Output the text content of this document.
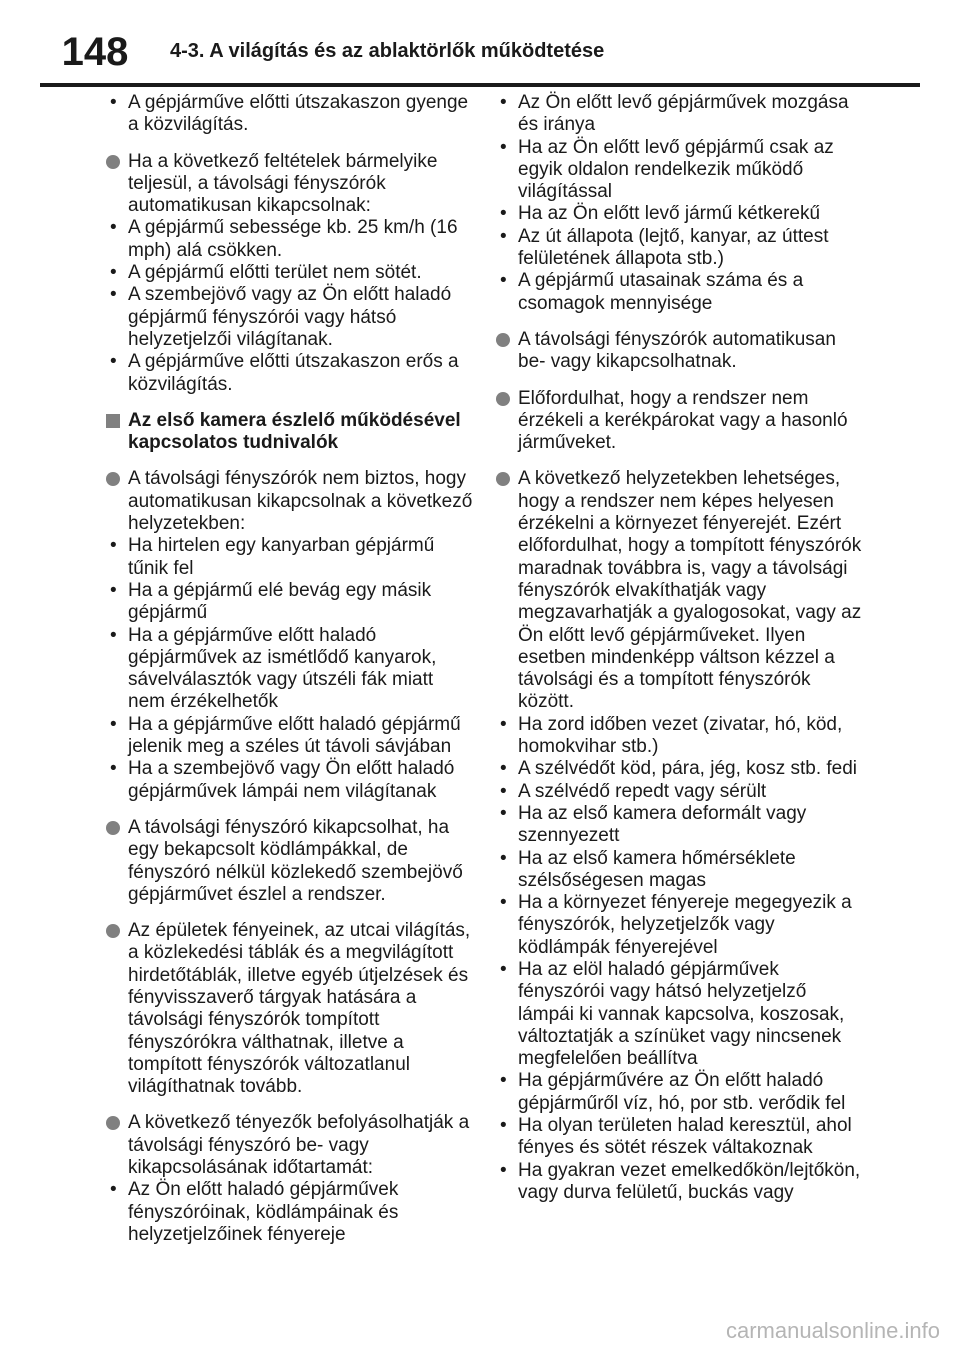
148	4-3. A világítás és az ablaktörlők működtetése
• A gépjárműve előtti útszakaszon gyenge a közvilágítás.
Ha a következő feltételek bármelyike teljesül, a távolsági fényszórók automatikusan kikapcsolnak:
• A gépjármű sebessége kb. 25 km/h (16 mph) alá csökken.
• A gépjármű előtti terület nem sötét.
• A szembejövő vagy az Ön előtt haladó gépjármű fényszórói vagy hátsó helyzetjelzői világítanak.
• A gépjárműve előtti útszakaszon erős a közvilágítás.
Az első kamera észlelő működésével kapcsolatos tudnivalók
A távolsági fényszórók nem biztos, hogy automatikusan kikapcsolnak a következő helyzetekben:
• Ha hirtelen egy kanyarban gépjármű tűnik fel
• Ha a gépjármű elé bevág egy másik gépjármű
• Ha a gépjárműve előtt haladó gépjárművek az ismétlődő kanyarok, sávelválasztók vagy útszéli fák miatt nem érzékelhetők
• Ha a gépjárműve előtt haladó gépjármű jelenik meg a széles út távoli sávjában
• Ha a szembejövő vagy Ön előtt haladó gépjárművek lámpái nem világítanak
A távolsági fényszóró kikapcsolhat, ha egy bekapcsolt ködlámpákkal, de fényszóró nélkül közlekedő szembejövő gépjárművet észlel a rendszer.
Az épületek fényeinek, az utcai világítás, a közlekedési táblák és a megvilágított hirdetőtáblák, illetve egyéb útjelzések és fényvisszaverő tárgyak hatására a távolsági fényszórók tompított fényszórókra válthatnak, illetve a tompított fényszórók változatlanul világíthatnak tovább.
A következő tényezők befolyásolhatják a távolsági fényszóró be- vagy kikapcsolásának időtartamát:
• Az Ön előtt haladó gépjárművek fényszóróinak, ködlámpáinak és helyzetjelzőinek fényereje
• Az Ön előtt levő gépjárművek mozgása és iránya
• Ha az Ön előtt levő gépjármű csak az egyik oldalon rendelkezik működő világítással
• Ha az Ön előtt levő jármű kétkerekű
• Az út állapota (lejtő, kanyar, az úttest felületének állapota stb.)
• A gépjármű utasainak száma és a csomagok mennyisége
A távolsági fényszórók automatikusan be- vagy kikapcsolhatnak.
Előfordulhat, hogy a rendszer nem érzékeli a kerékpárokat vagy a hasonló járműveket.
A következő helyzetekben lehetséges, hogy a rendszer nem képes helyesen érzékelni a környezet fényerejét. Ezért előfordulhat, hogy a tompított fényszórók maradnak továbbra is, vagy a távolsági fényszórók elvakíthatják vagy megzavarhatják a gyalogosokat, vagy az Ön előtt levő gépjárműveket. Ilyen esetben mindenképp váltson kézzel a távolsági és a tompított fényszórók között.
• Ha zord időben vezet (zivatar, hó, köd, homokvihar stb.)
• A szélvédőt köd, pára, jég, kosz stb. fedi
• A szélvédő repedt vagy sérült
• Ha az első kamera deformált vagy szennyezett
• Ha az első kamera hőmérséklete szélsőségesen magas
• Ha a környezet fényereje megegyezik a fényszórók, helyzetjelzők vagy ködlámpák fényerejével
• Ha az elöl haladó gépjárművek fényszórói vagy hátsó helyzetjelző lámpái ki vannak kapcsolva, koszosak, változtatják a színüket vagy nincsenek megfelelően beállítva
• Ha gépjárművére az Ön előtt haladó gépjárműről víz, hó, por stb. verődik fel
• Ha olyan területen halad keresztül, ahol fényes és sötét részek váltakoznak
• Ha gyakran vezet emelkedőkön/lejtőkön, vagy durva felületű, buckás vagy
carmanualsonline.info
